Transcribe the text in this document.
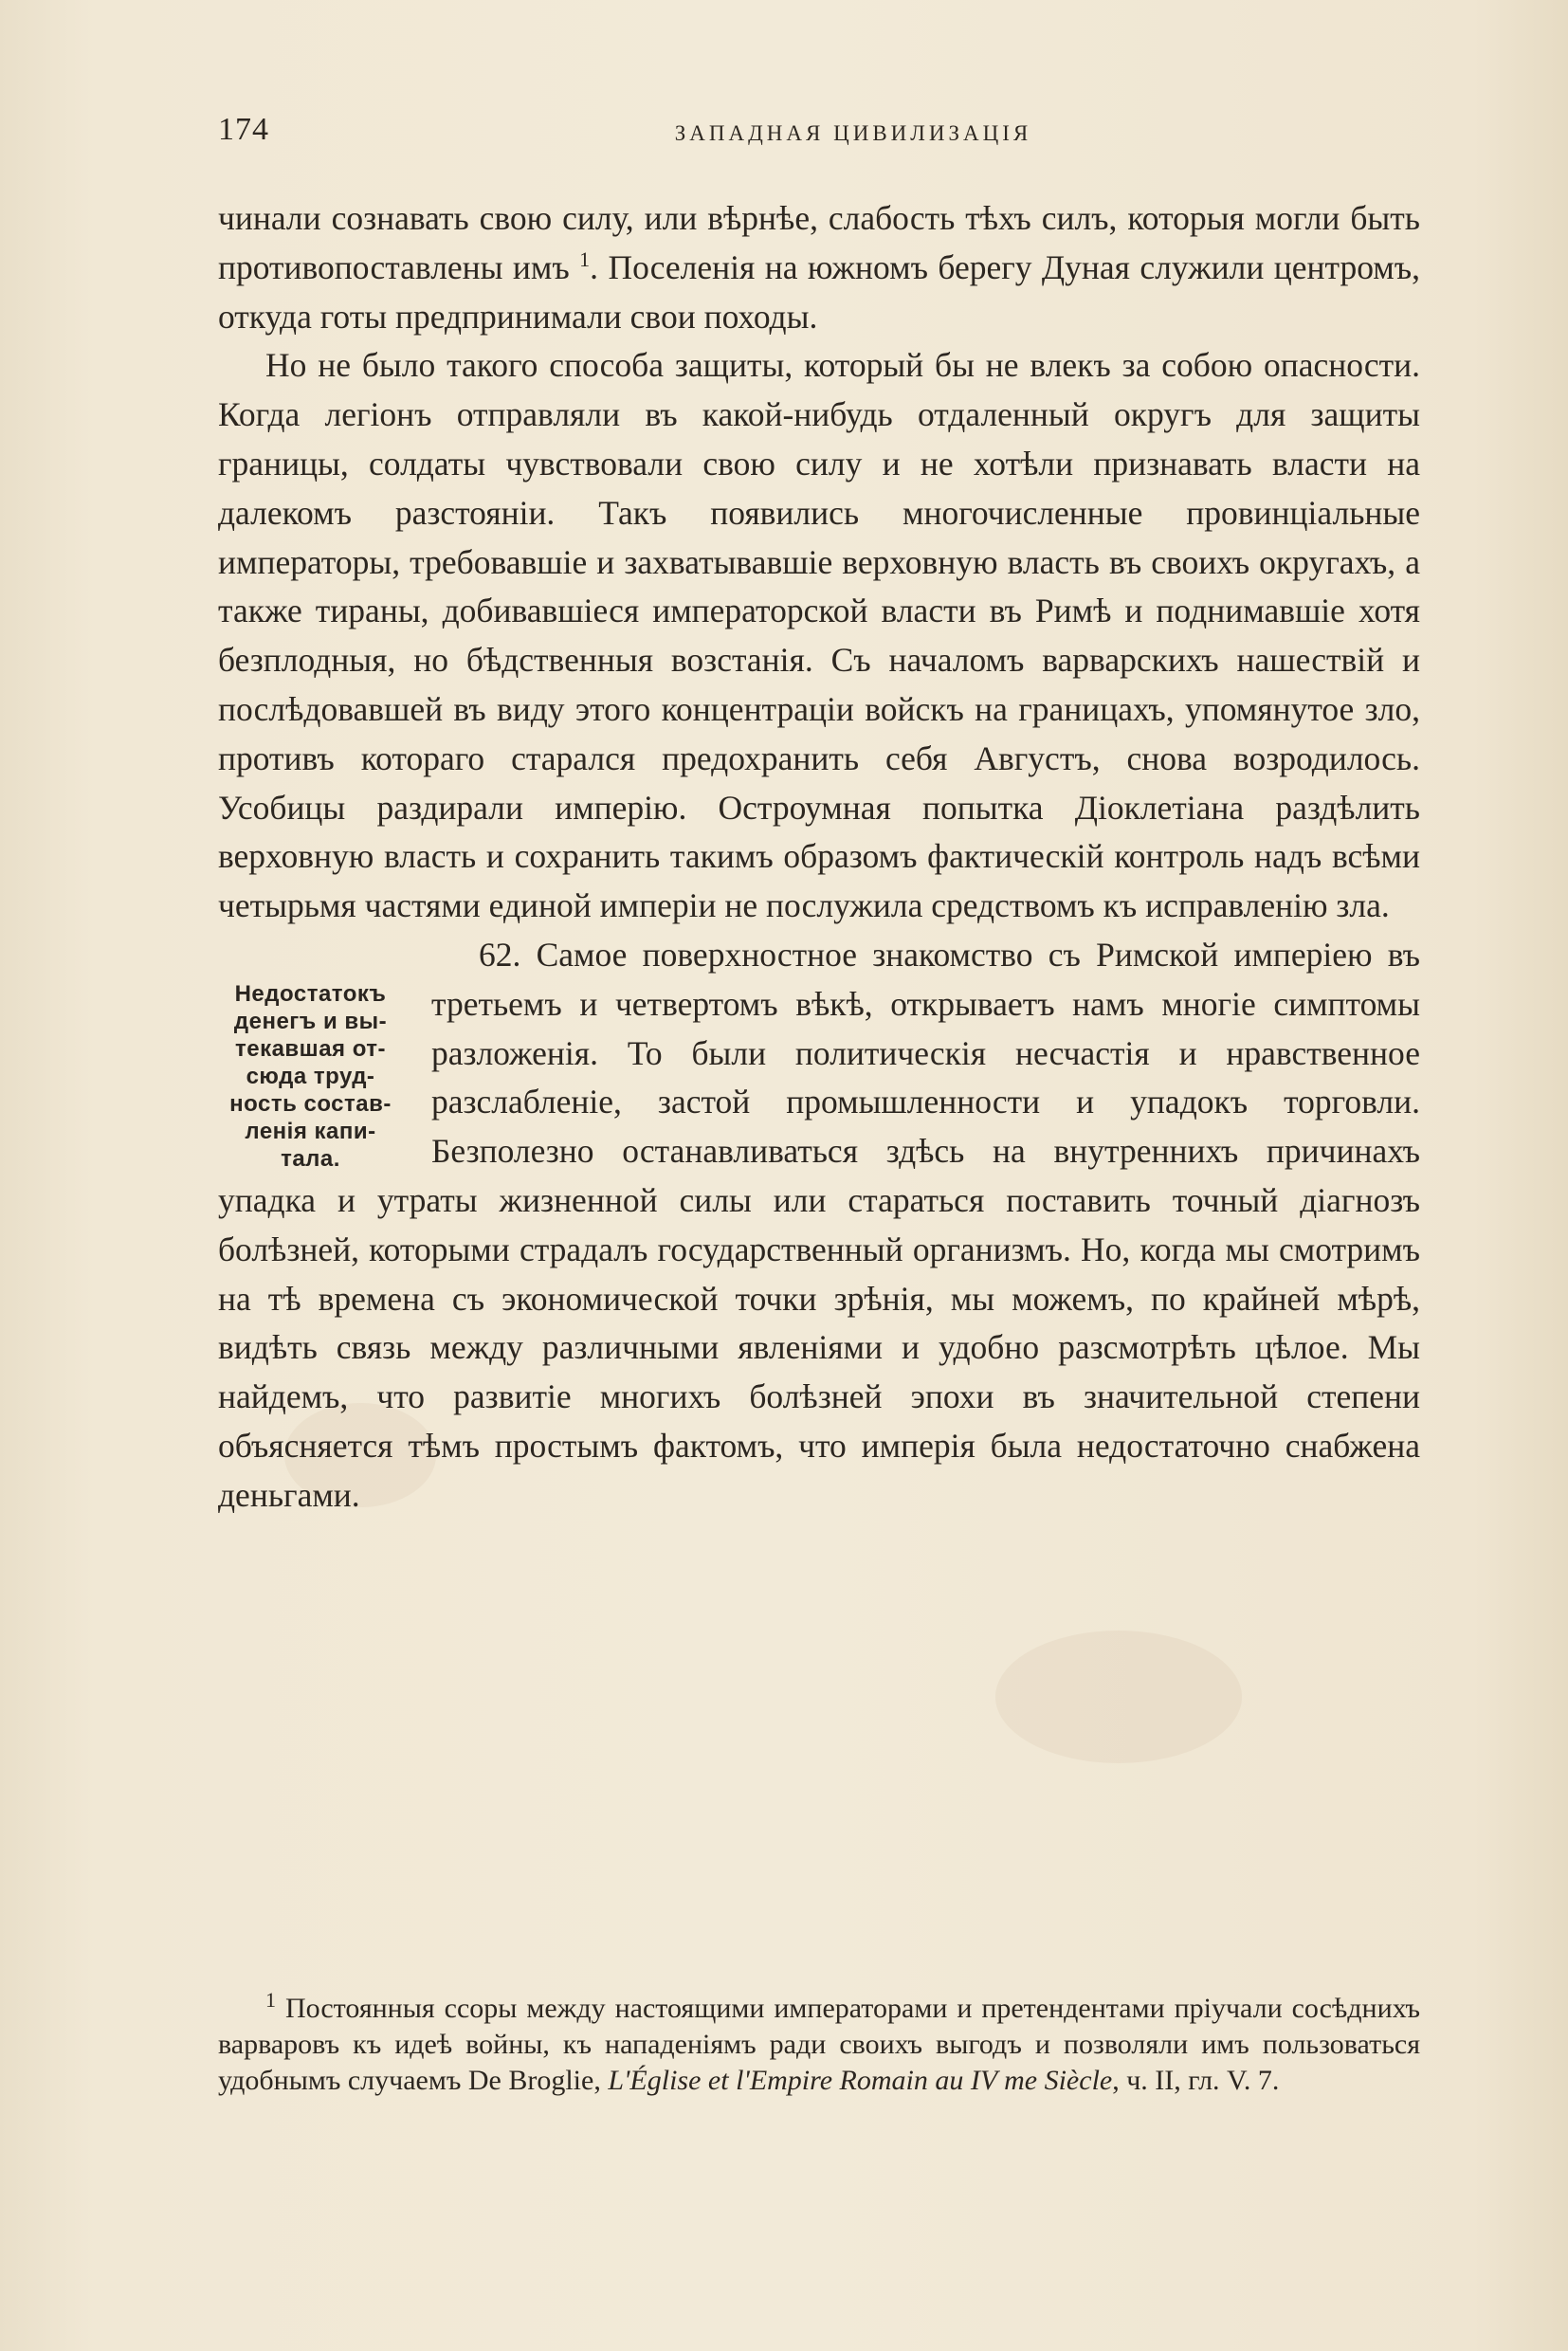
174	ЗАПАДНАЯ ЦИВИЛИЗАЦІЯ

чинали сознавать свою силу, или вѣрнѣе, слабость тѣхъ силъ, которыя могли быть противопоставлены имъ $^1$. Поселенія на южномъ берегу Дуная служили центромъ, откуда готы предпринимали свои походы.

Но не было такого способа защиты, который бы не влекъ за собою опасности. Когда легіонъ отправляли въ какой-нибудь отдаленный округъ для защиты границы, солдаты чувствовали свою силу и не хотѣли признавать власти на далекомъ разстояніи. Такъ появились многочисленные провинціальные императоры, требовавшіе и захватывавшіе верховную власть въ своихъ округахъ, а также тираны, добивавшіеся императорской власти въ Римѣ и поднимавшіе хотя безплодныя, но бѣдственныя возстанія. Съ началомъ варварскихъ нашествій и послѣдовавшей въ виду этого концентраціи войскъ на границахъ, упомянутое зло, противъ котораго старался предохранить себя Августъ, снова возродилось. Усобицы раздирали имперію. Остроумная попытка Діоклетіана раздѣлить верховную власть и сохранить такимъ образомъ фактическій контроль надъ всѣми четырьмя частями единой имперіи не послужила средствомъ къ исправленію зла.

Недостатокъ
денегъ и вы-
текавшая от-
сюда труд-
ность состав-
ленія капи-
тала.

62. Самое поверхностное знакомство съ Римской имперіею въ третьемъ и четвертомъ вѣкѣ, открываетъ намъ многіе симптомы разложенія. То были политическія несчастія и нравственное разслабленіе, застой промышленности и упадокъ торговли. Безполезно останавливаться здѣсь на внутреннихъ причинахъ упадка и утраты жизненной силы или стараться поставить точный діагнозъ болѣзней, которыми страдалъ государственный организмъ. Но, когда мы смотримъ на тѣ времена съ экономической точки зрѣнія, мы можемъ, по крайней мѣрѣ, видѣть связь между различными явленіями и удобно разсмотрѣть цѣлое. Мы найдемъ, что развитіе многихъ болѣзней эпохи въ значительной степени объясняется тѣмъ простымъ фактомъ, что имперія была недостаточно снабжена деньгами.

$^1$ Постоянныя ссоры между настоящими императорами и претендентами пріучали сосѣднихъ варваровъ къ идеѣ войны, къ нападеніямъ ради своихъ выгодъ и позволяли имъ пользоваться удобнымъ случаемъ De Broglie, L'Église et l'Empire Romain au IV me Siècle, ч. II, гл. V. 7.
